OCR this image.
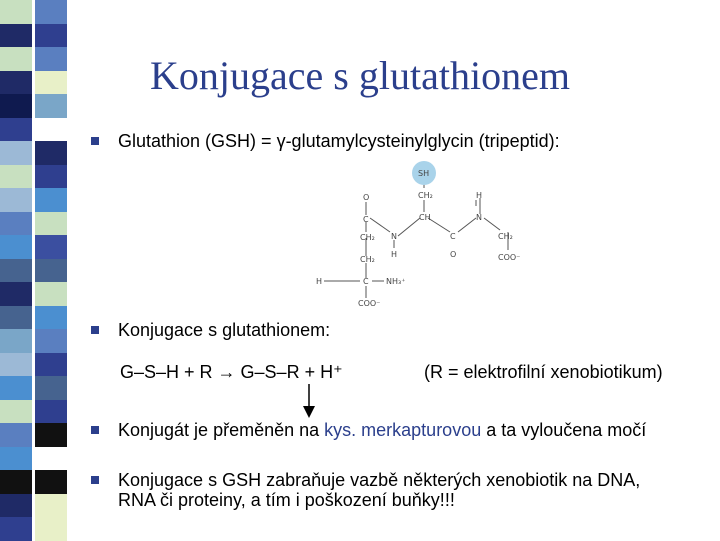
Konjugace s glutathionem
Glutathion (GSH) = γ-glutamylcysteinylglycin (tripeptid):
SH
O
C
CH₂
CH₂
H	C NH₃⁺
COO⁻
N
H
CH₂
CH
C
O
N
H
CH₂
COO⁻
Konjugace s glutathionem:
G–S–H + R → G–S–R + H⁺	(R = elektrofilní xenobiotikum)
Konjugát je přeměněn na kys. merkapturovou a ta vyloučena močí
Konjugace s GSH zabraňuje vazbě některých xenobiotik na DNA,
RNA či proteiny, a tím i poškození buňky!!!
